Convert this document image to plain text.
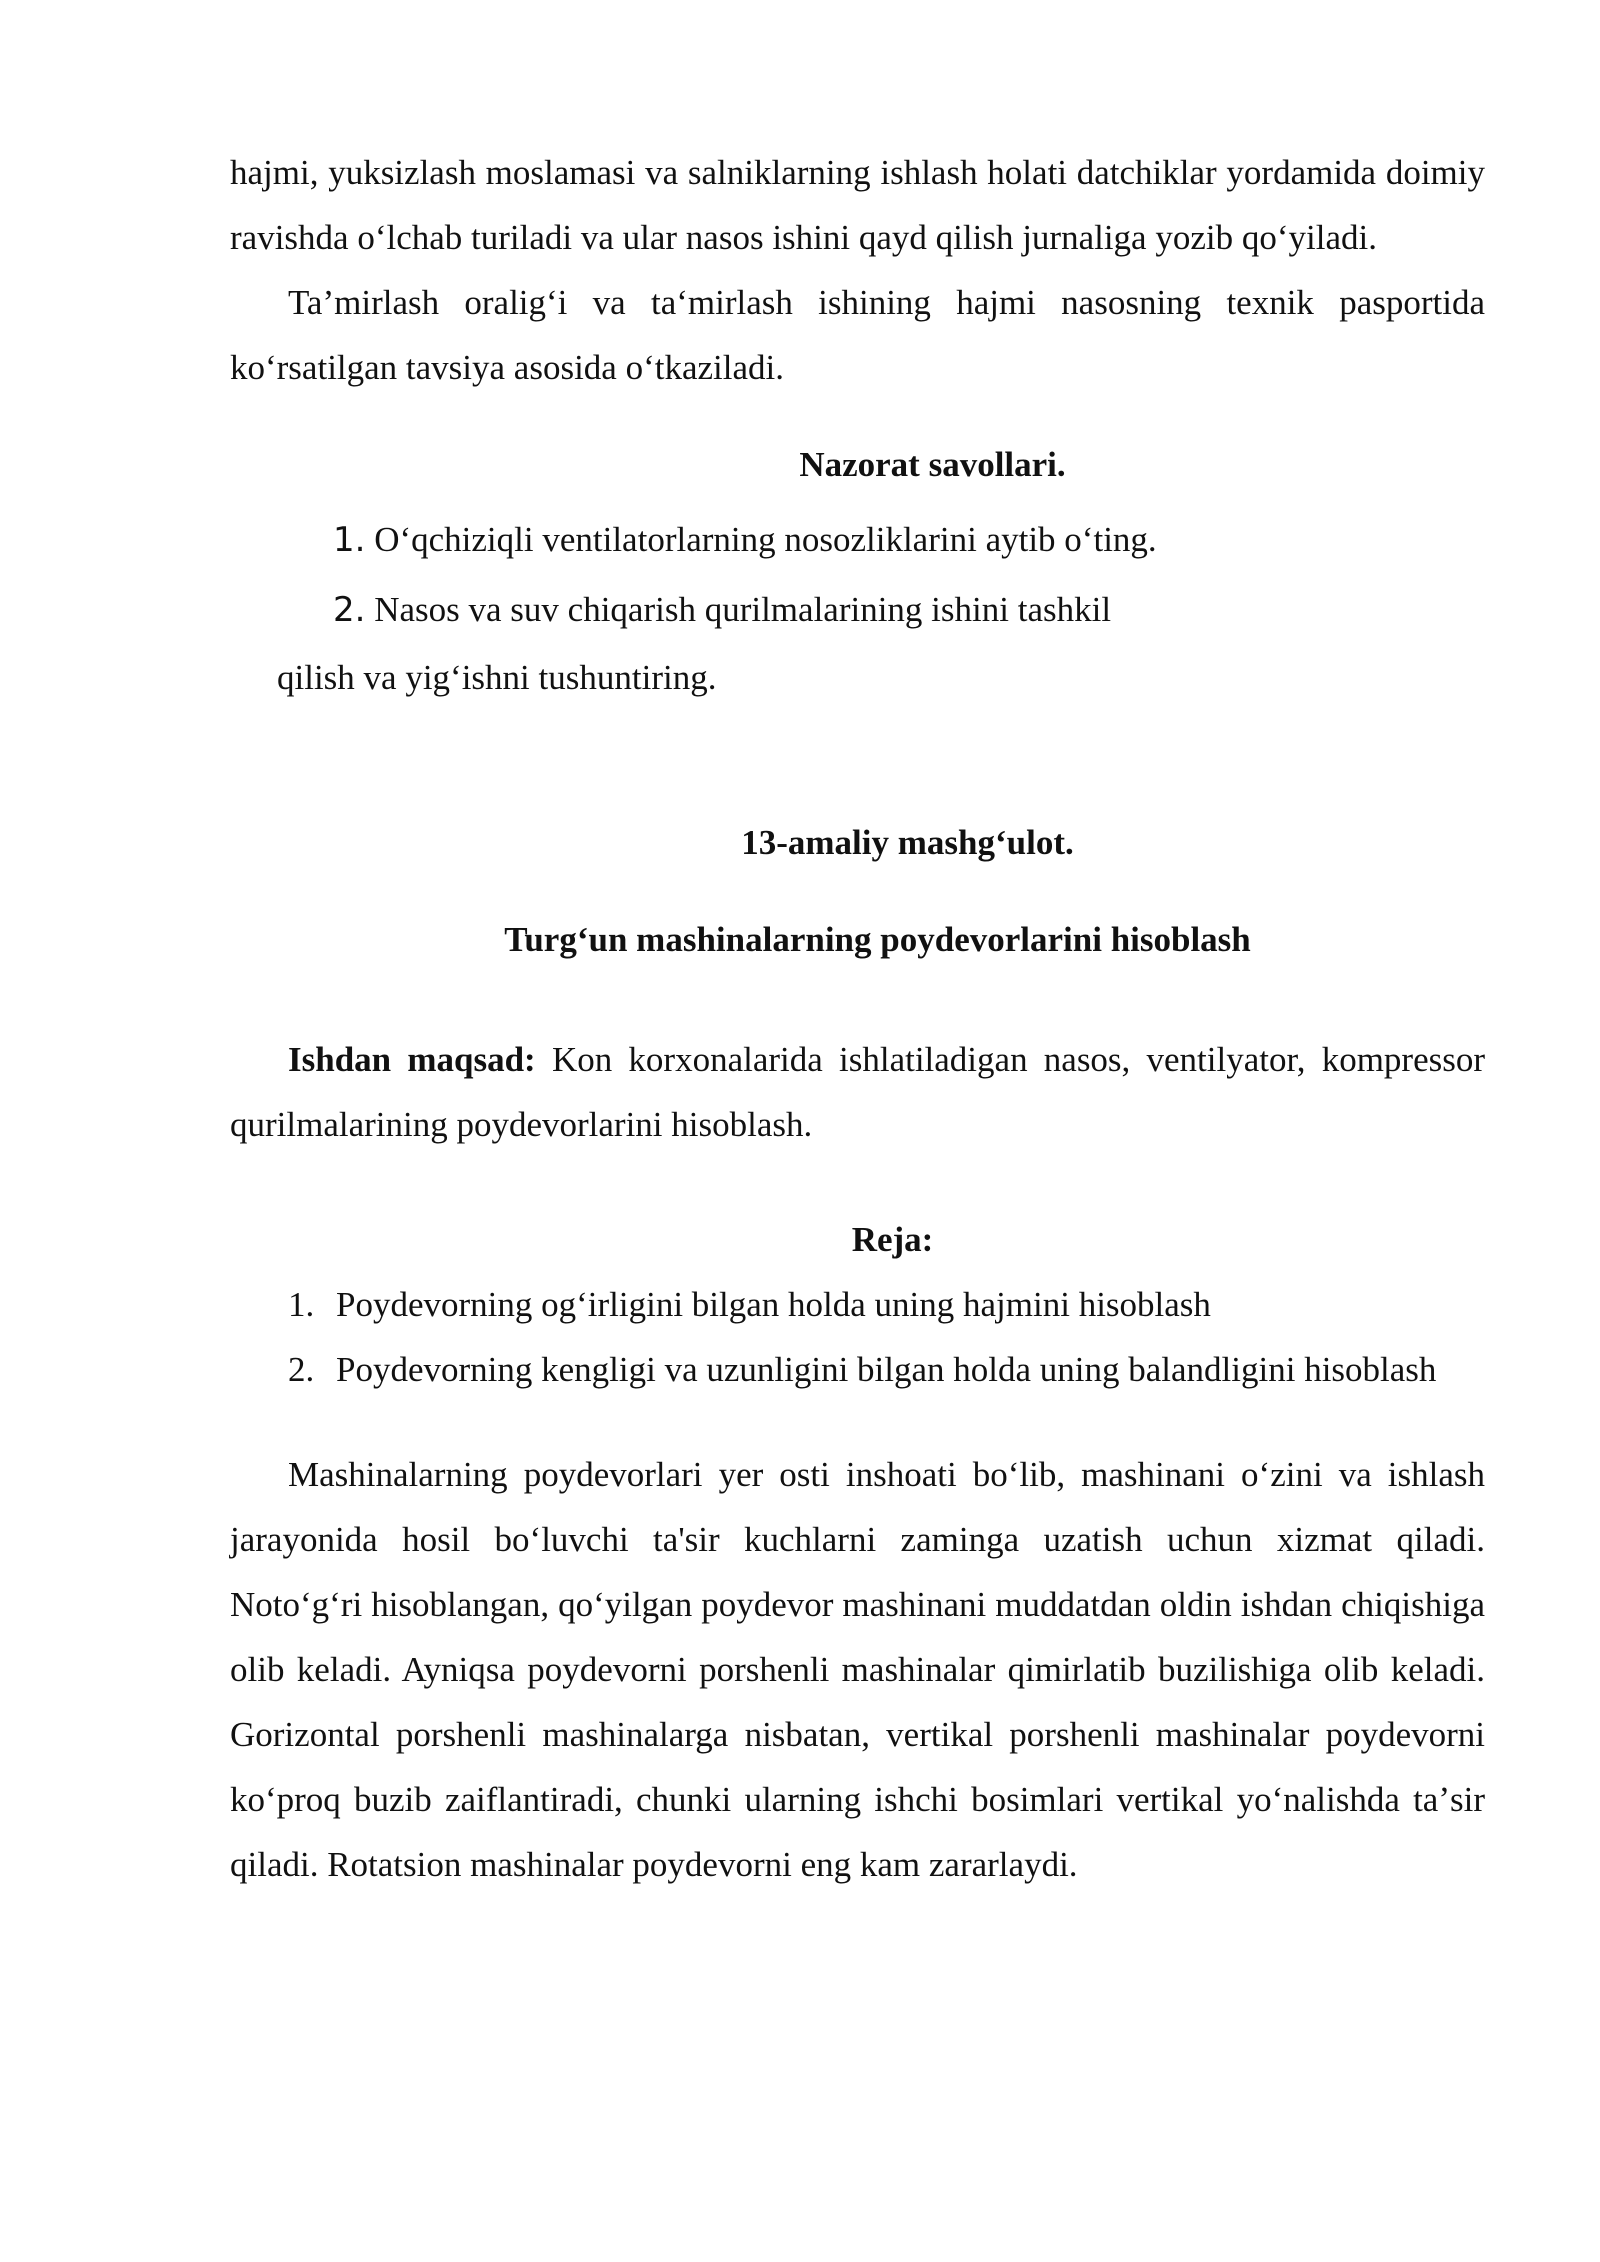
hajmi, yuksizlash moslamasi va salniklarning ishlash holati datchiklar yordamida doimiy ravishda oʻlchab turiladi va ular nasos ishini qayd qilish jurnaliga yozib qoʻyiladi.

Ta’mirlash oraligʻi va taʻmirlash ishining hajmi nasosning texnik pasportida koʻrsatilgan tavsiya asosida oʻtkaziladi.

Nazorat savollari.
1. Oʻqchiziqli ventilatorlarning nosozliklarini aytib oʻting.
2. Nasos va suv chiqarish qurilmalarining ishini tashkil
qilish va yigʻishni tushuntiring.
13-amaliy mashgʻulot.
Turgʻun mashinalarning poydevorlarini hisoblash

Ishdan maqsad: Kon korxonalarida ishlatiladigan nasos, ventilyator, kompressor qurilmalarining poydevorlarini hisoblash.

Reja:
1. Poydevorning ogʻirligini bilgan holda uning hajmini hisoblash
2. Poydevorning kengligi va uzunligini bilgan holda uning balandligini hisoblash

Mashinalarning poydevorlari yer osti inshoati boʻlib, mashinani oʻzini va ishlash jarayonida hosil boʻluvchi ta'sir kuchlarni zaminga uzatish uchun xizmat qiladi. Notoʻgʻri hisoblangan, qoʻyilgan poydevor mashinani muddatdan oldin ishdan chiqishiga olib keladi. Ayniqsa poydevorni porshenli mashinalar qimirlatib buzilishiga olib keladi. Gorizontal porshenli mashinalarga nisbatan, vertikal porshenli mashinalar poydevorni koʻproq buzib zaiflantiradi, chunki ularning ishchi bosimlari vertikal yoʻnalishda taʼsir qiladi. Rotatsion mashinalar poydevorni eng kam zararlaydi.
